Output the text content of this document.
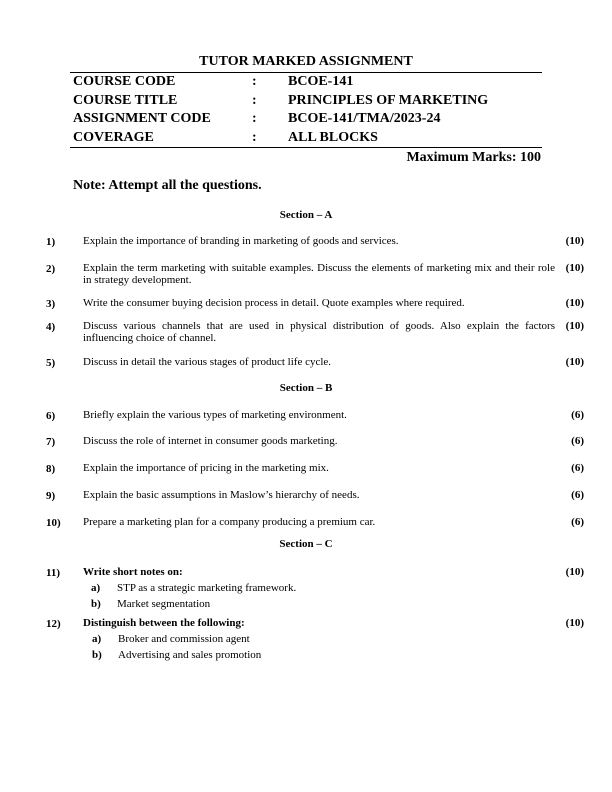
TUTOR MARKED ASSIGNMENT
COURSE CODE	: BCOE-141
COURSE TITLE	: PRINCIPLES OF MARKETING
ASSIGNMENT CODE	: BCOE-141/TMA/2023-24
COVERAGE	: ALL BLOCKS
Maximum Marks: 100
Note: Attempt all the questions.
Section – A
1)	Explain the importance of branding in marketing of goods and services.	(10)
2)	Explain the term marketing with suitable examples. Discuss the elements of marketing mix and their role in strategy development.
(10)
3)	Write the consumer buying decision process in detail. Quote examples where required.	(10)
4)	Discuss various channels that are used in physical distribution of goods. Also explain the factors influencing choice of channel.
(10)
5)	Discuss in detail the various stages of product life cycle.	(10)
Section – B
6)	Briefly explain the various types of marketing environment.	(6)
7)	Discuss the role of internet in consumer goods marketing.	(6)
8)	Explain the importance of pricing in the marketing mix.	(6)
9)	Explain the basic assumptions in Maslow’s hierarchy of needs.	(6)
10) Prepare a marketing plan for a company producing a premium car.	(6)
Section – C
11) Write short notes on:	(10)
a) STP as a strategic marketing framework.
b) Market segmentation
12) Distinguish between the following:	(10)
a) Broker and commission agent
b) Advertising and sales promotion
